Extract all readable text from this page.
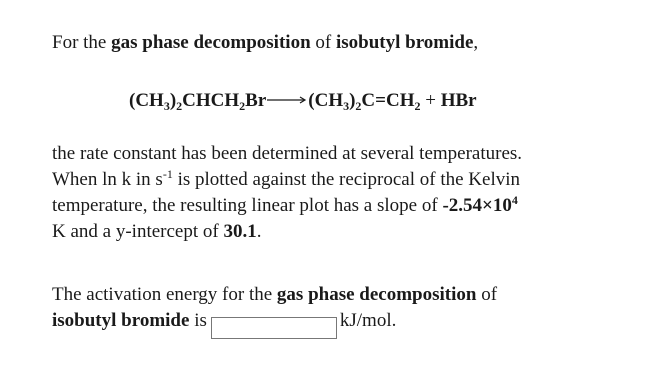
For the gas phase decomposition of isobutyl bromide,
$(CH_3)_2CHCH_2Br\to(CH_3)_2C=CH_2$ + HBr
the rate constant has been determined at several temperatures.
When ln k in $s^{-1}$ is plotted against the reciprocal of the Kelvin
temperature, the resulting linear plot has a slope of $-2.54\times 10^4$
K and a y-intercept of 30.1.
The activation energy for the gas phase decomposition of
isobutyl bromide is	kJ/mol.
